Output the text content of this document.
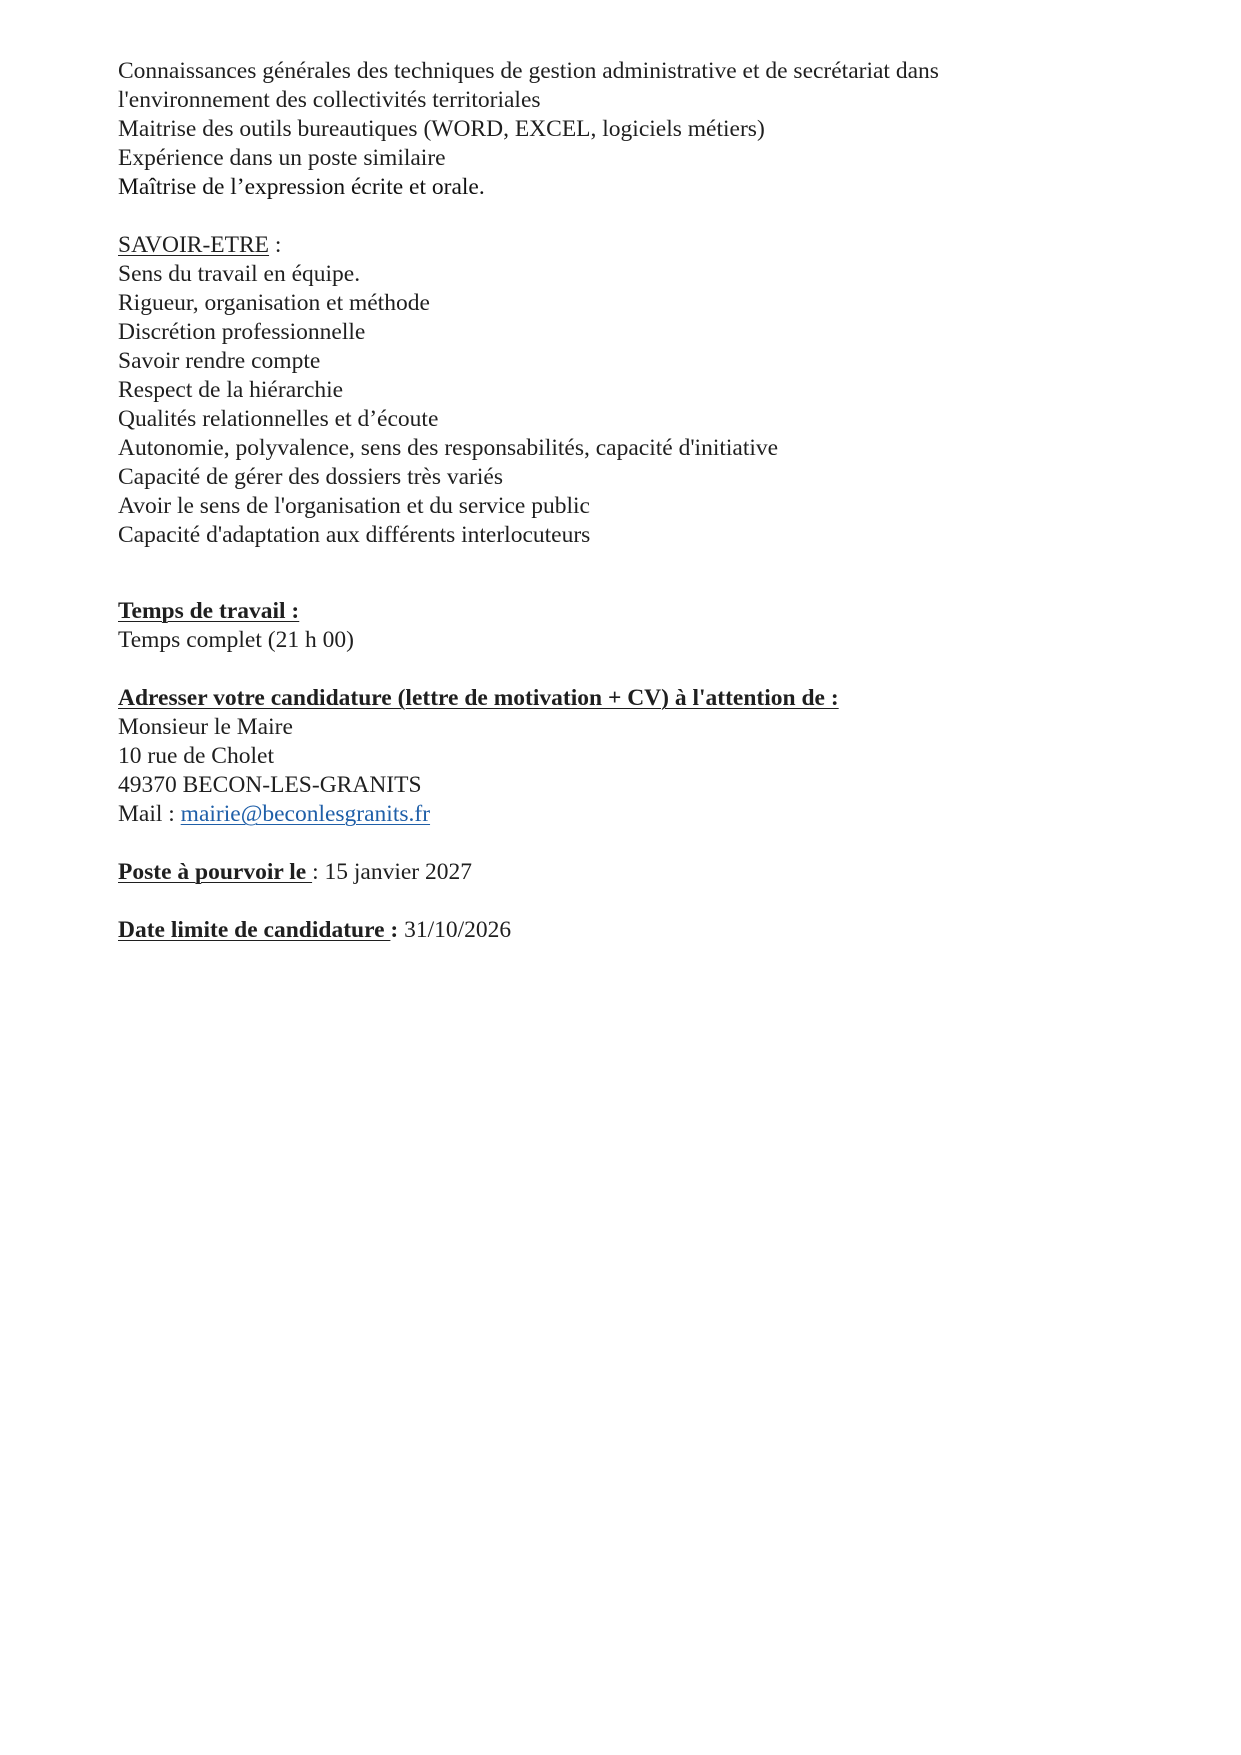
Connaissances générales des techniques de gestion administrative et de secrétariat dans
l'environnement des collectivités territoriales
Maitrise des outils bureautiques (WORD, EXCEL, logiciels métiers)
Expérience dans un poste similaire
Maîtrise de l’expression écrite et orale.
SAVOIR-ETRE :
Sens du travail en équipe.
Rigueur, organisation et méthode
Discrétion professionnelle
Savoir rendre compte
Respect de la hiérarchie
Qualités relationnelles et d’écoute
Autonomie, polyvalence, sens des responsabilités, capacité d'initiative
Capacité de gérer des dossiers très variés
Avoir le sens de l'organisation et du service public
Capacité d'adaptation aux différents interlocuteurs
Temps de travail :
Temps complet (21 h 00)
Adresser votre candidature (lettre de motivation + CV) à l'attention de :
Monsieur le Maire
10 rue de Cholet
49370 BECON-LES-GRANITS
Mail : mairie@beconlesgranits.fr
Poste à pourvoir le : 15 janvier 2027
Date limite de candidature : 31/10/2026
